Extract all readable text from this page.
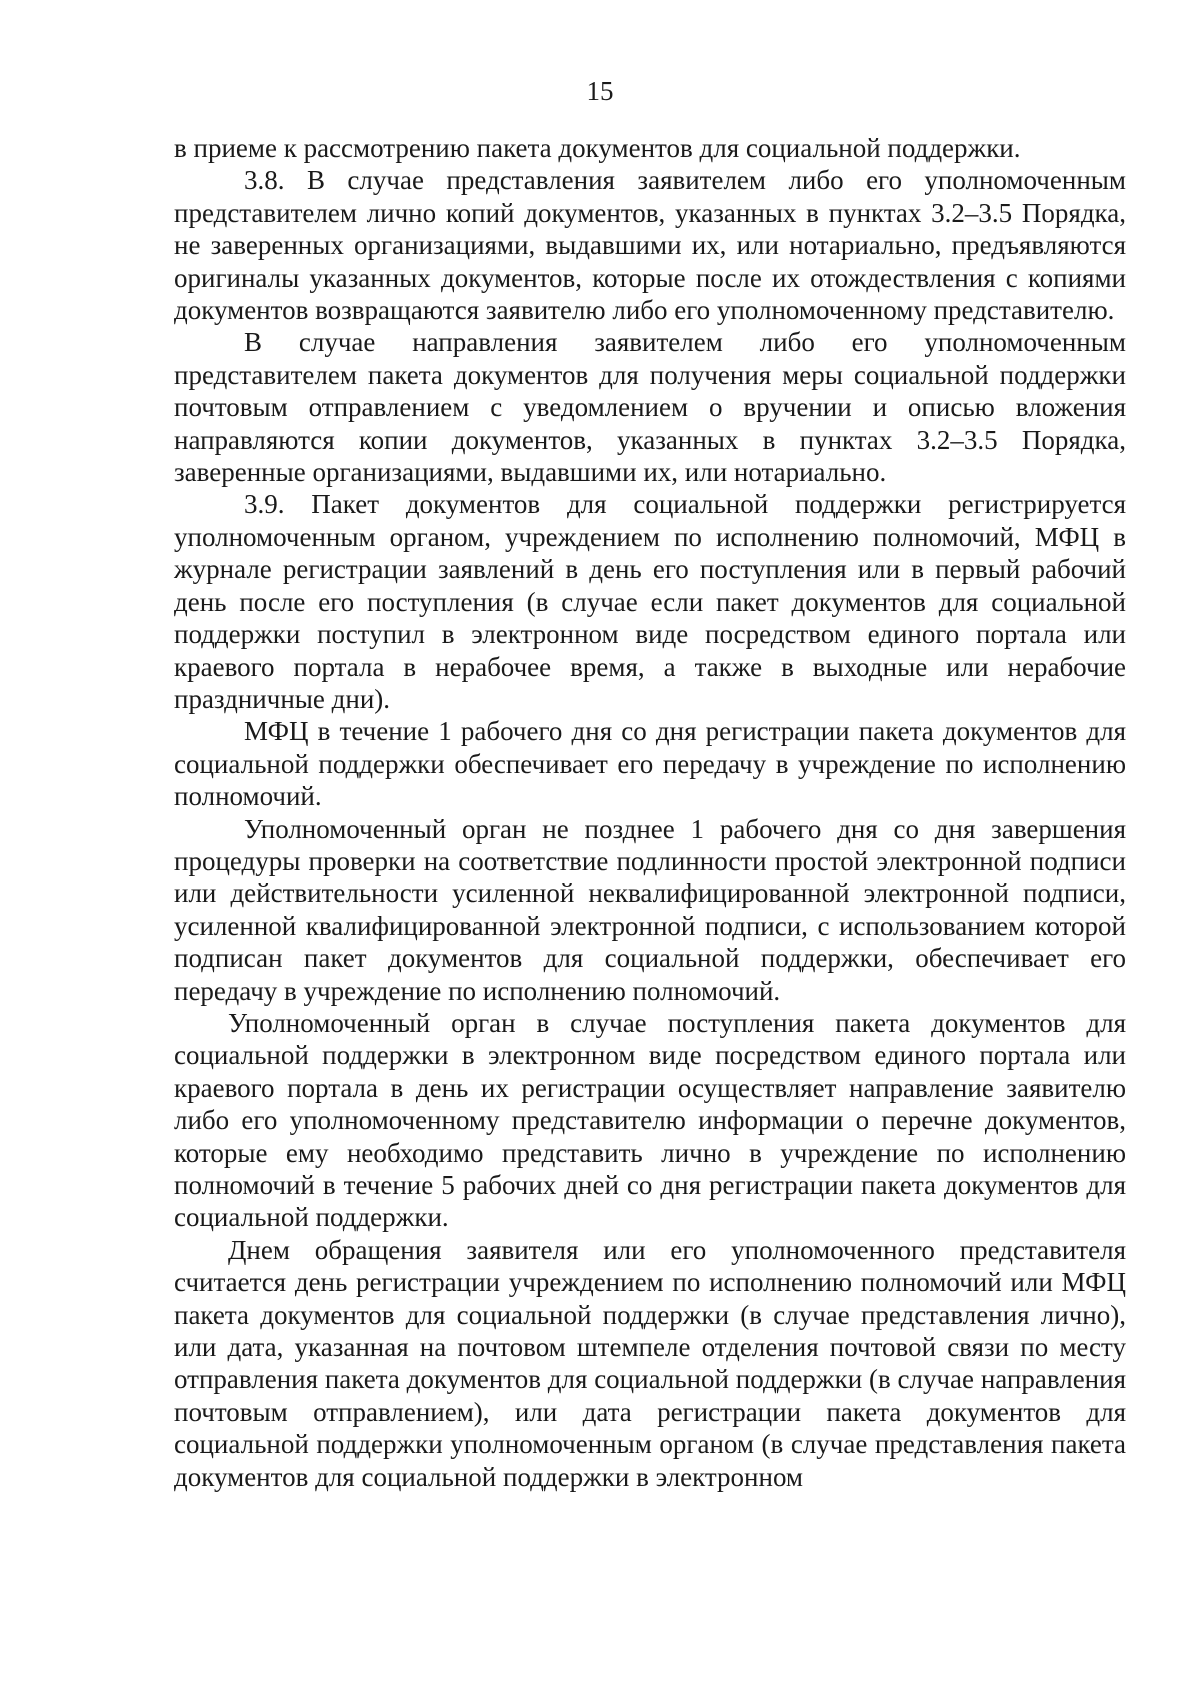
15

в приеме к рассмотрению пакета документов для социальной поддержки.

3.8. В случае представления заявителем либо его уполномоченным представителем лично копий документов, указанных в пунктах 3.2–3.5 Порядка, не заверенных организациями, выдавшими их, или нотариально, предъявляются оригиналы указанных документов, которые после их отождествления с копиями документов возвращаются заявителю либо его уполномоченному представителю.

В случае направления заявителем либо его уполномоченным представителем пакета документов для получения меры социальной поддержки почтовым отправлением с уведомлением о вручении и описью вложения направляются копии документов, указанных в пунктах 3.2–3.5 Порядка, заверенные организациями, выдавшими их, или нотариально.

3.9. Пакет документов для социальной поддержки регистрируется уполномоченным органом, учреждением по исполнению полномочий, МФЦ в журнале регистрации заявлений в день его поступления или в первый рабочий день после его поступления (в случае если пакет документов для социальной поддержки поступил в электронном виде посредством единого портала или краевого портала в нерабочее время, а также в выходные или нерабочие праздничные дни).

МФЦ в течение 1 рабочего дня со дня регистрации пакета документов для социальной поддержки обеспечивает его передачу в учреждение по исполнению полномочий.

Уполномоченный орган не позднее 1 рабочего дня со дня завершения процедуры проверки на соответствие подлинности простой электронной подписи или действительности усиленной неквалифицированной электронной подписи, усиленной квалифицированной электронной подписи, с использованием которой подписан пакет документов для социальной поддержки, обеспечивает его передачу в учреждение по исполнению полномочий.

Уполномоченный орган в случае поступления пакета документов для социальной поддержки в электронном виде посредством единого портала или краевого портала в день их регистрации осуществляет направление заявителю либо его уполномоченному представителю информации о перечне документов, которые ему необходимо представить лично в учреждение по исполнению полномочий в течение 5 рабочих дней со дня регистрации пакета документов для социальной поддержки.

Днем обращения заявителя или его уполномоченного представителя считается день регистрации учреждением по исполнению полномочий или МФЦ пакета документов для социальной поддержки (в случае представления лично), или дата, указанная на почтовом штемпеле отделения почтовой связи по месту отправления пакета документов для социальной поддержки (в случае направления почтовым отправлением), или дата регистрации пакета документов для социальной поддержки уполномоченным органом (в случае представления пакета документов для социальной поддержки в электронном
